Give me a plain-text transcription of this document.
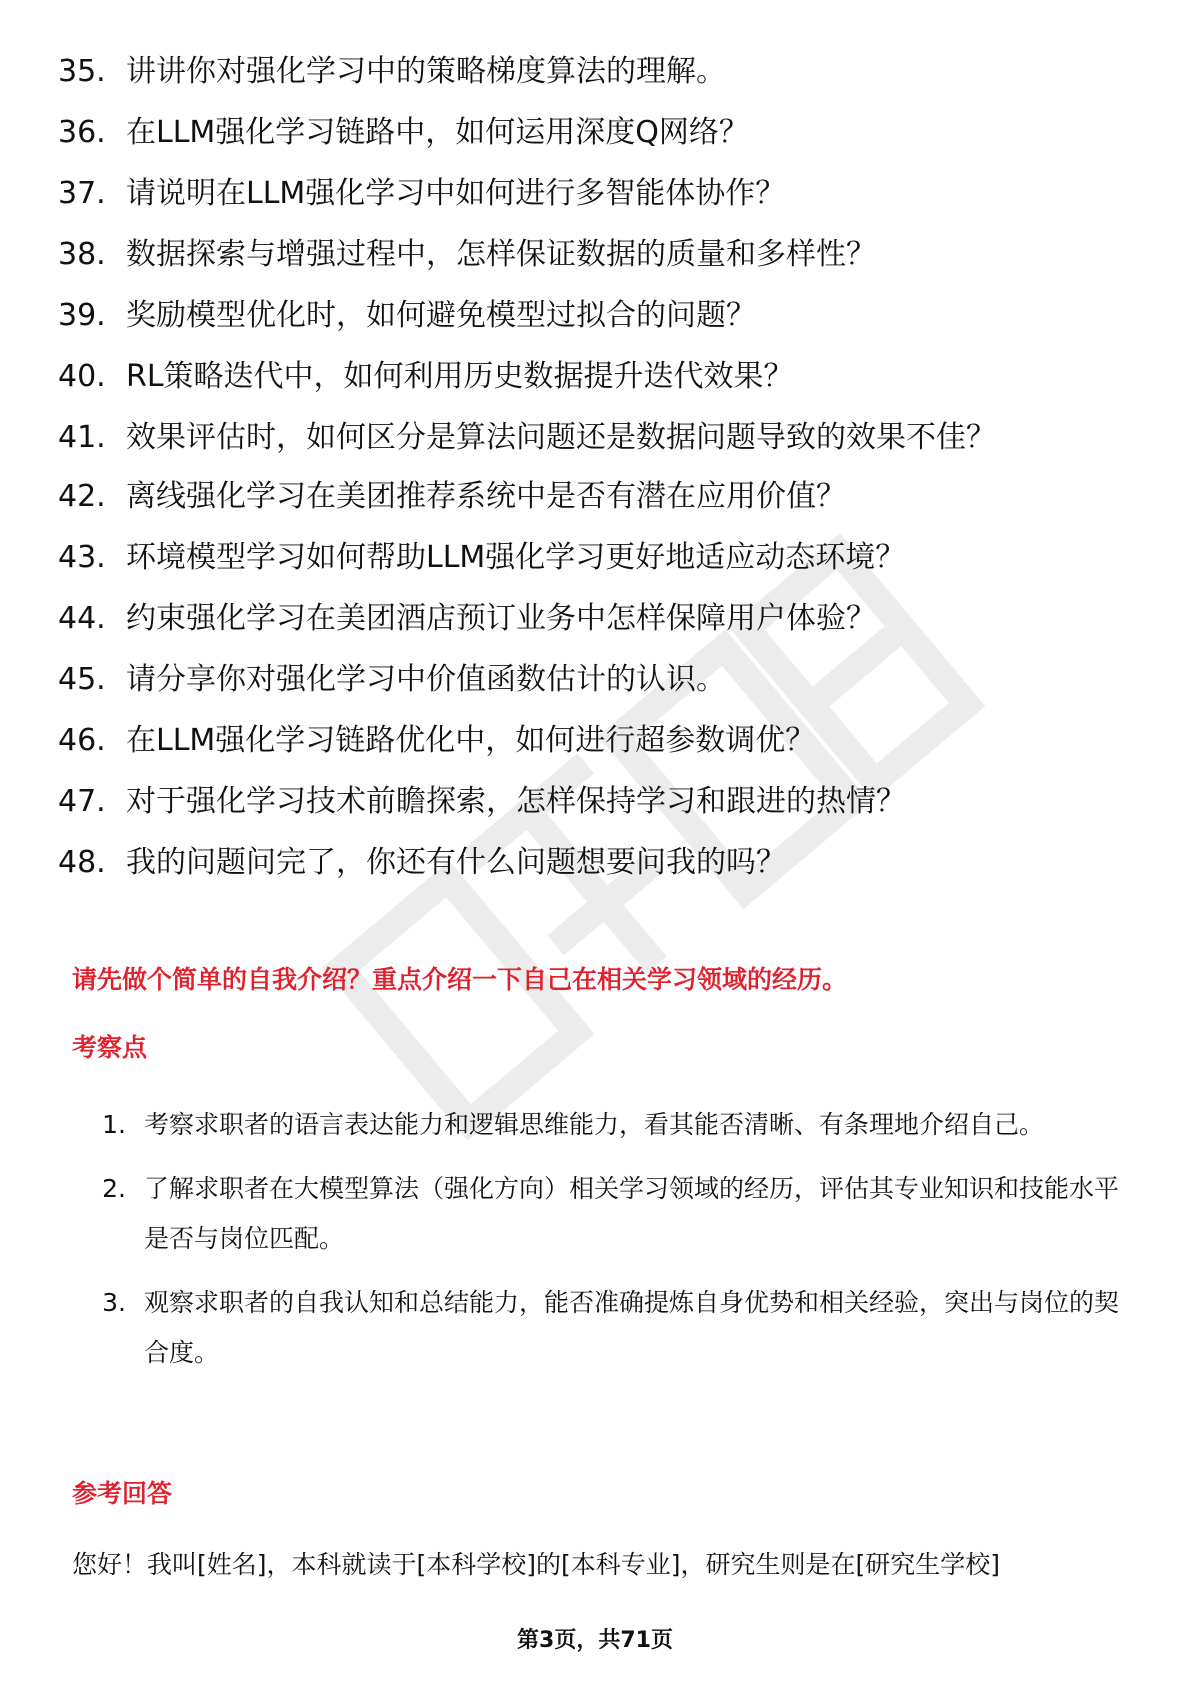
35. 讲讲你对强化学习中的策略梯度算法的理解。
36. 在LLM强化学习链路中，如何运用深度Q网络？
37. 请说明在LLM强化学习中如何进行多智能体协作？
38. 数据探索与增强过程中，怎样保证数据的质量和多样性？
39. 奖励模型优化时，如何避免模型过拟合的问题？
40. RL策略迭代中，如何利用历史数据提升迭代效果？
41. 效果评估时，如何区分是算法问题还是数据问题导致的效果不佳？
42. 离线强化学习在美团推荐系统中是否有潜在应用价值？
43. 环境模型学习如何帮助LLM强化学习更好地适应动态环境？
44. 约束强化学习在美团酒店预订业务中怎样保障用户体验？
45. 请分享你对强化学习中价值函数估计的认识。
46. 在LLM强化学习链路优化中，如何进行超参数调优？
47. 对于强化学习技术前瞻探索，怎样保持学习和跟进的热情？
48. 我的问题问完了，你还有什么问题想要问我的吗？

请先做个简单的自我介绍？重点介绍一下自己在相关学习领域的经历。

考察点

1. 考察求职者的语言表达能力和逻辑思维能力，看其能否清晰、有条理地介绍自己。
2. 了解求职者在大模型算法（强化方向）相关学习领域的经历，评估其专业知识和技能水平是否与岗位匹配。
3. 观察求职者的自我认知和总结能力，能否准确提炼自身优势和相关经验，突出与岗位的契合度。

参考回答

您好！我叫[姓名]，本科就读于[本科学校]的[本科专业]，研究生则是在[研究生学校]

第3页，共71页
